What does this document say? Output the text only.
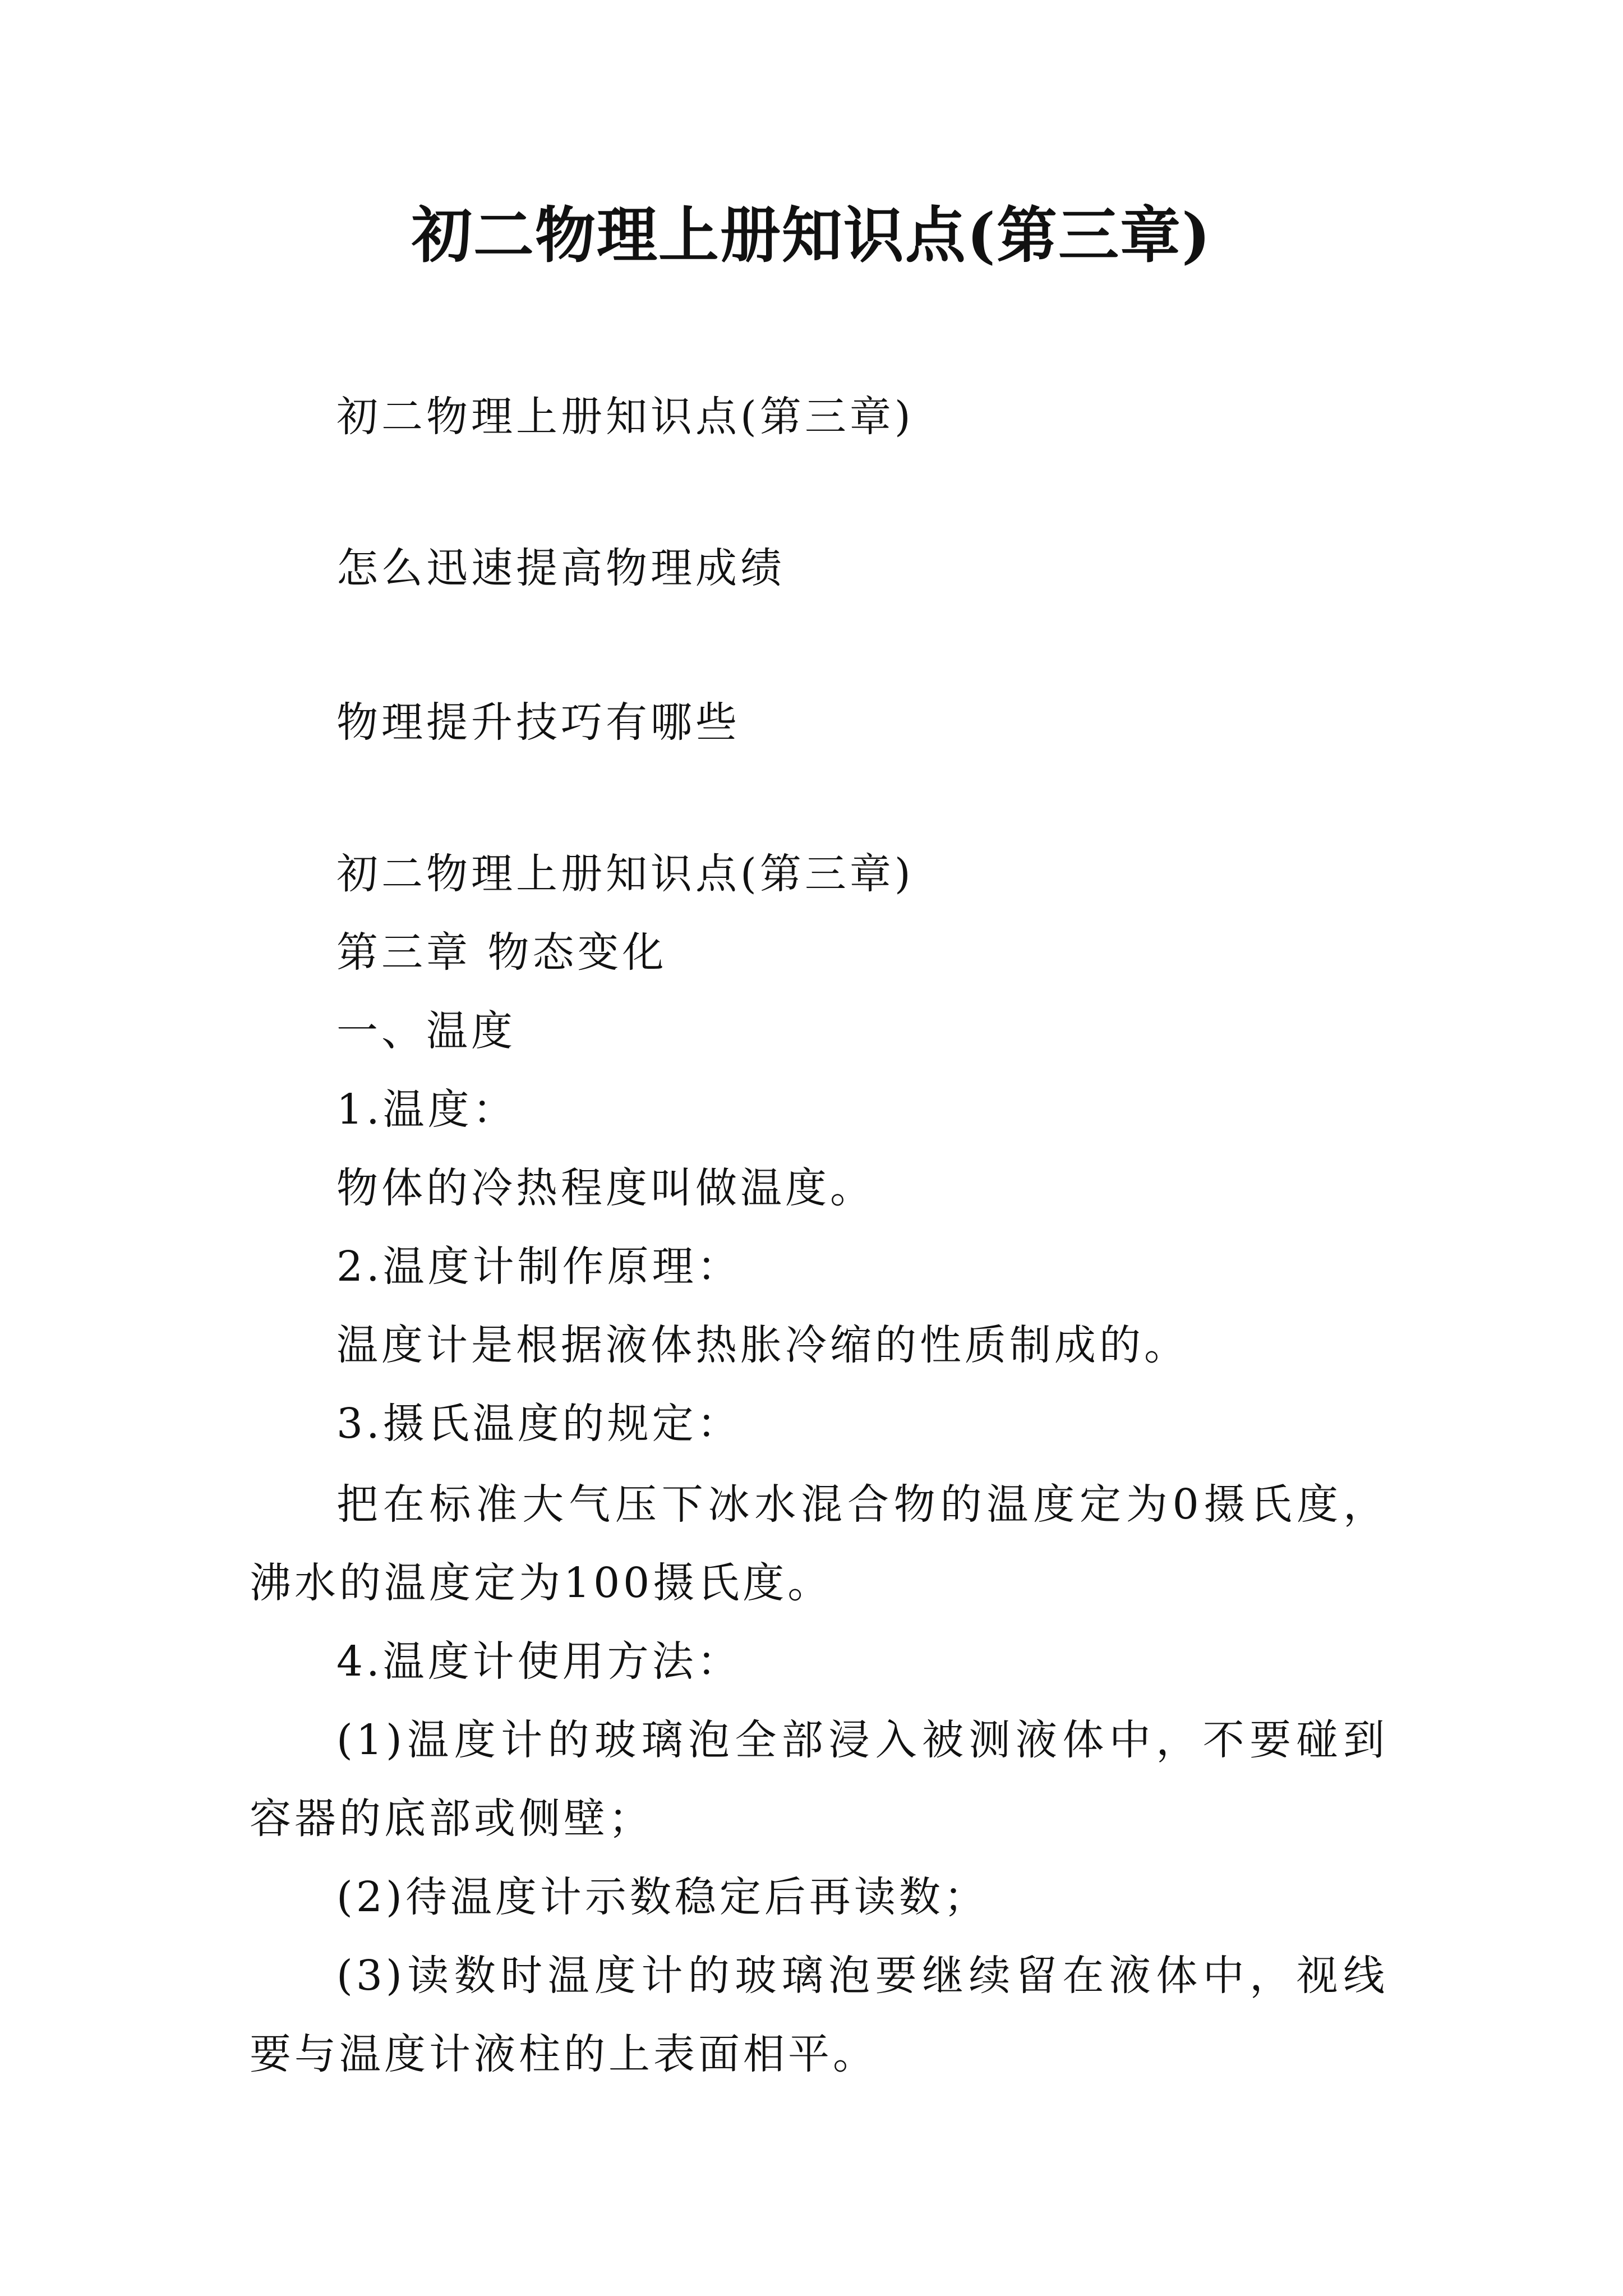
初二物理上册知识点(第三章)

初二物理上册知识点(第三章)

怎么迅速提高物理成绩

物理提升技巧有哪些

初二物理上册知识点(第三章)

第三章 物态变化

一、温度

1.温度：

物体的冷热程度叫做温度。

2.温度计制作原理：

温度计是根据液体热胀冷缩的性质制成的。

3.摄氏温度的规定：

把在标准大气压下冰水混合物的温度定为0摄氏度，沸水的温度定为100摄氏度。

4.温度计使用方法：

(1)温度计的玻璃泡全部浸入被测液体中，不要碰到容器的底部或侧壁；

(2)待温度计示数稳定后再读数；

(3)读数时温度计的玻璃泡要继续留在液体中，视线要与温度计液柱的上表面相平。
